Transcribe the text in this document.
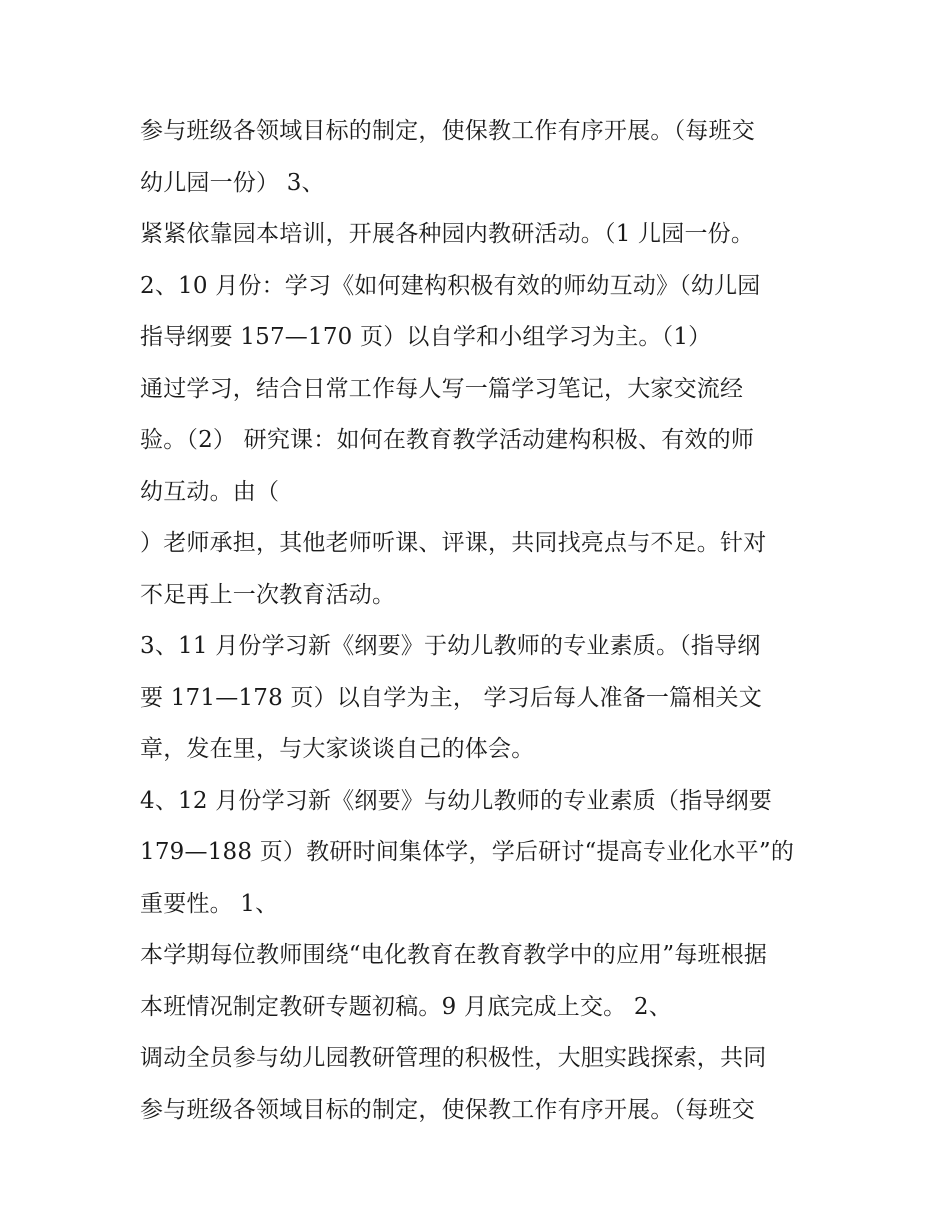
参与班级各领域目标的制定，使保教工作有序开展。（每班交
幼儿园一份） 3、
紧紧依靠园本培训，开展各种园内教研活动。（1 儿园一份。
2、10 月份：学习《如何建构积极有效的师幼互动》（幼儿园
指导纲要 157—170 页）以自学和小组学习为主。（1）
通过学习，结合日常工作每人写一篇学习笔记，大家交流经
验。（2） 研究课：如何在教育教学活动建构积极、有效的师
幼互动。由（
）老师承担，其他老师听课、评课，共同找亮点与不足。针对
不足再上一次教育活动。
3、11 月份学习新《纲要》于幼儿教师的专业素质。（指导纲
要 171—178 页）以自学为主， 学习后每人准备一篇相关文
章，发在里，与大家谈谈自己的体会。
4、12 月份学习新《纲要》与幼儿教师的专业素质（指导纲要
179—188 页）教研时间集体学，学后研讨“提高专业化水平”的
重要性。 1、
本学期每位教师围绕“电化教育在教育教学中的应用”每班根据
本班情况制定教研专题初稿。9 月底完成上交。 2、
调动全员参与幼儿园教研管理的积极性，大胆实践探索，共同
参与班级各领域目标的制定，使保教工作有序开展。（每班交
